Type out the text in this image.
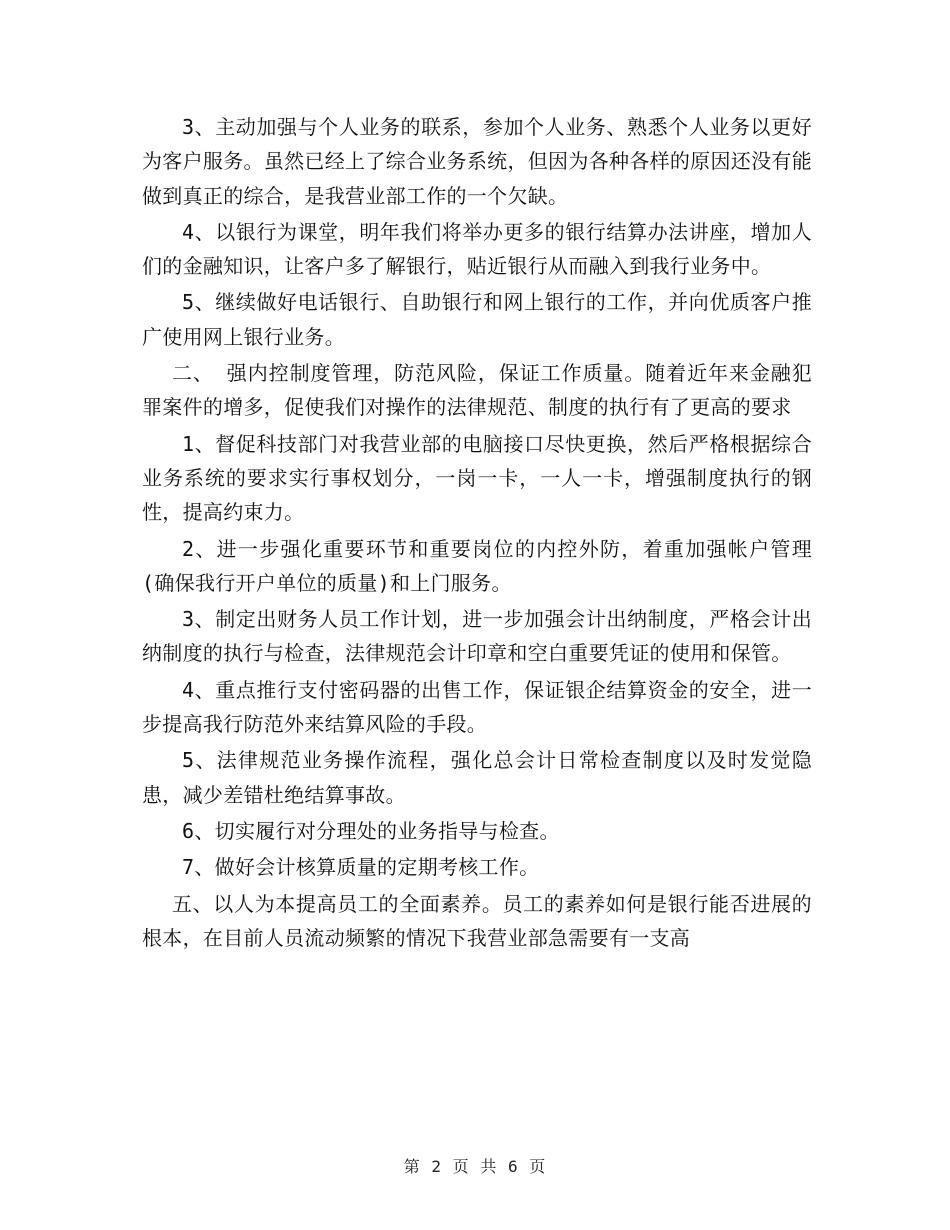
3、主动加强与个人业务的联系，参加个人业务、熟悉个人业务以更好为客户服务。虽然已经上了综合业务系统，但因为各种各样的原因还没有能做到真正的综合，是我营业部工作的一个欠缺。

4、以银行为课堂，明年我们将举办更多的银行结算办法讲座，增加人们的金融知识，让客户多了解银行，贴近银行从而融入到我行业务中。

5、继续做好电话银行、自助银行和网上银行的工作，并向优质客户推广使用网上银行业务。

二、 强内控制度管理，防范风险，保证工作质量。随着近年来金融犯罪案件的增多，促使我们对操作的法律规范、制度的执行有了更高的要求

1、督促科技部门对我营业部的电脑接口尽快更换，然后严格根据综合业务系统的要求实行事权划分，一岗一卡，一人一卡，增强制度执行的钢性，提高约束力。

2、进一步强化重要环节和重要岗位的内控外防，着重加强帐户管理(确保我行开户单位的质量)和上门服务。

3、制定出财务人员工作计划，进一步加强会计出纳制度，严格会计出纳制度的执行与检查，法律规范会计印章和空白重要凭证的使用和保管。

4、重点推行支付密码器的出售工作，保证银企结算资金的安全，进一步提高我行防范外来结算风险的手段。

5、法律规范业务操作流程，强化总会计日常检查制度以及时发觉隐患，减少差错杜绝结算事故。

6、切实履行对分理处的业务指导与检查。

7、做好会计核算质量的定期考核工作。

五、以人为本提高员工的全面素养。员工的素养如何是银行能否进展的根本，在目前人员流动频繁的情况下我营业部急需要有一支高

第 2 页 共 6 页
